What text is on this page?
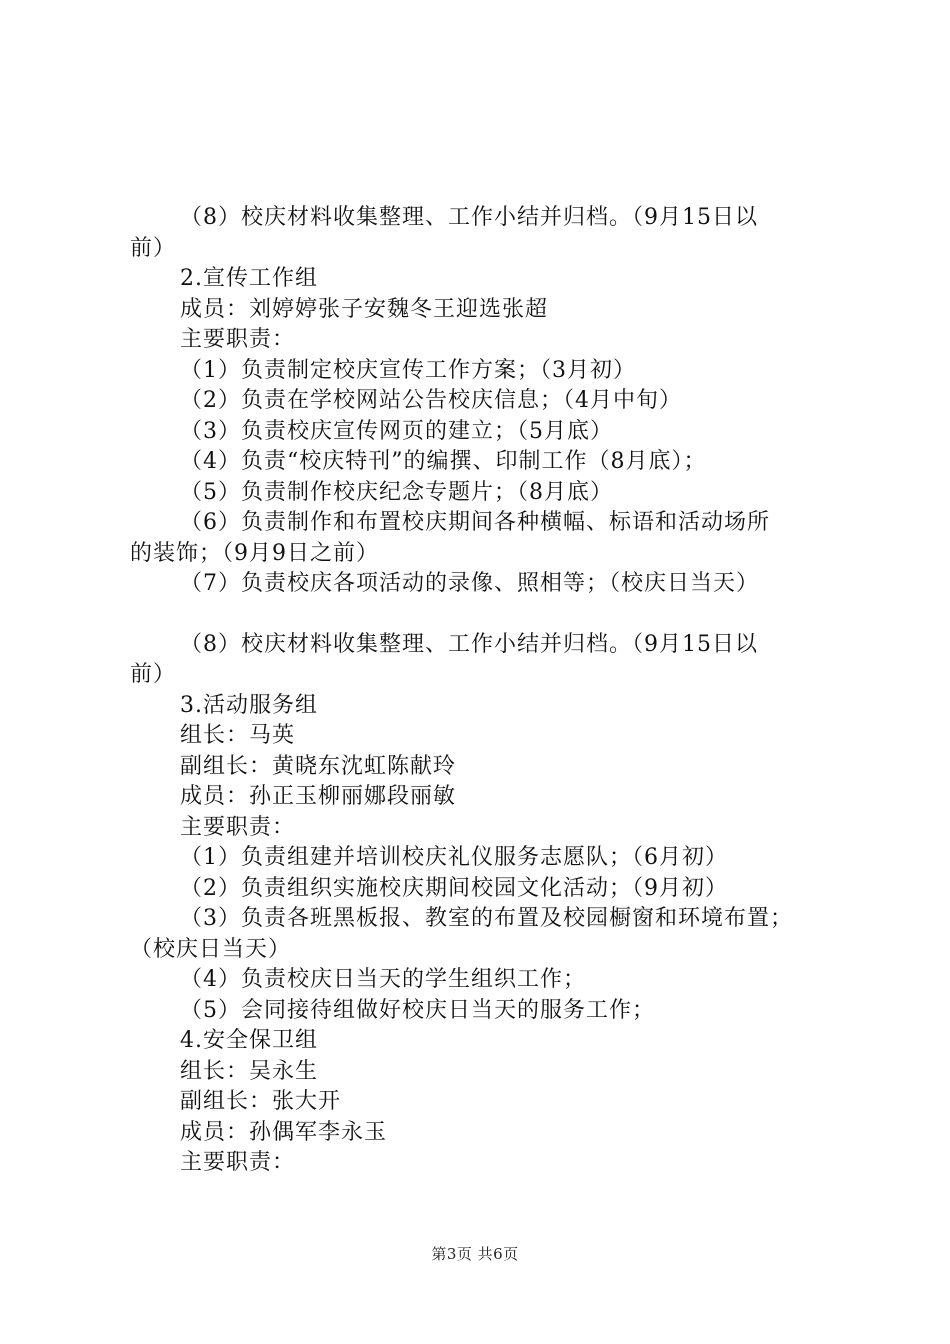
（8）校庆材料收集整理、工作小结并归档。（9月15日以
前）
2.宣传工作组
成员：刘婷婷张子安魏冬王迎选张超
主要职责：
（1）负责制定校庆宣传工作方案；（3月初）
（2）负责在学校网站公告校庆信息；（4月中旬）
（3）负责校庆宣传网页的建立；（5月底）
（4）负责“校庆特刊”的编撰、印制工作（8月底）；
（5）负责制作校庆纪念专题片；（8月底）
（6）负责制作和布置校庆期间各种横幅、标语和活动场所
的装饰；（9月9日之前）
（7）负责校庆各项活动的录像、照相等；（校庆日当天）
（8）校庆材料收集整理、工作小结并归档。（9月15日以
前）
3.活动服务组
组长：马英
副组长：黄晓东沈虹陈献玲
成员：孙正玉柳丽娜段丽敏
主要职责：
（1）负责组建并培训校庆礼仪服务志愿队；（6月初）
（2）负责组织实施校庆期间校园文化活动；（9月初）
（3）负责各班黑板报、教室的布置及校园橱窗和环境布置；
（校庆日当天）
（4）负责校庆日当天的学生组织工作；
（5）会同接待组做好校庆日当天的服务工作；
4.安全保卫组
组长：吴永生
副组长：张大开
成员：孙偶军李永玉
主要职责：
第3页 共6页
